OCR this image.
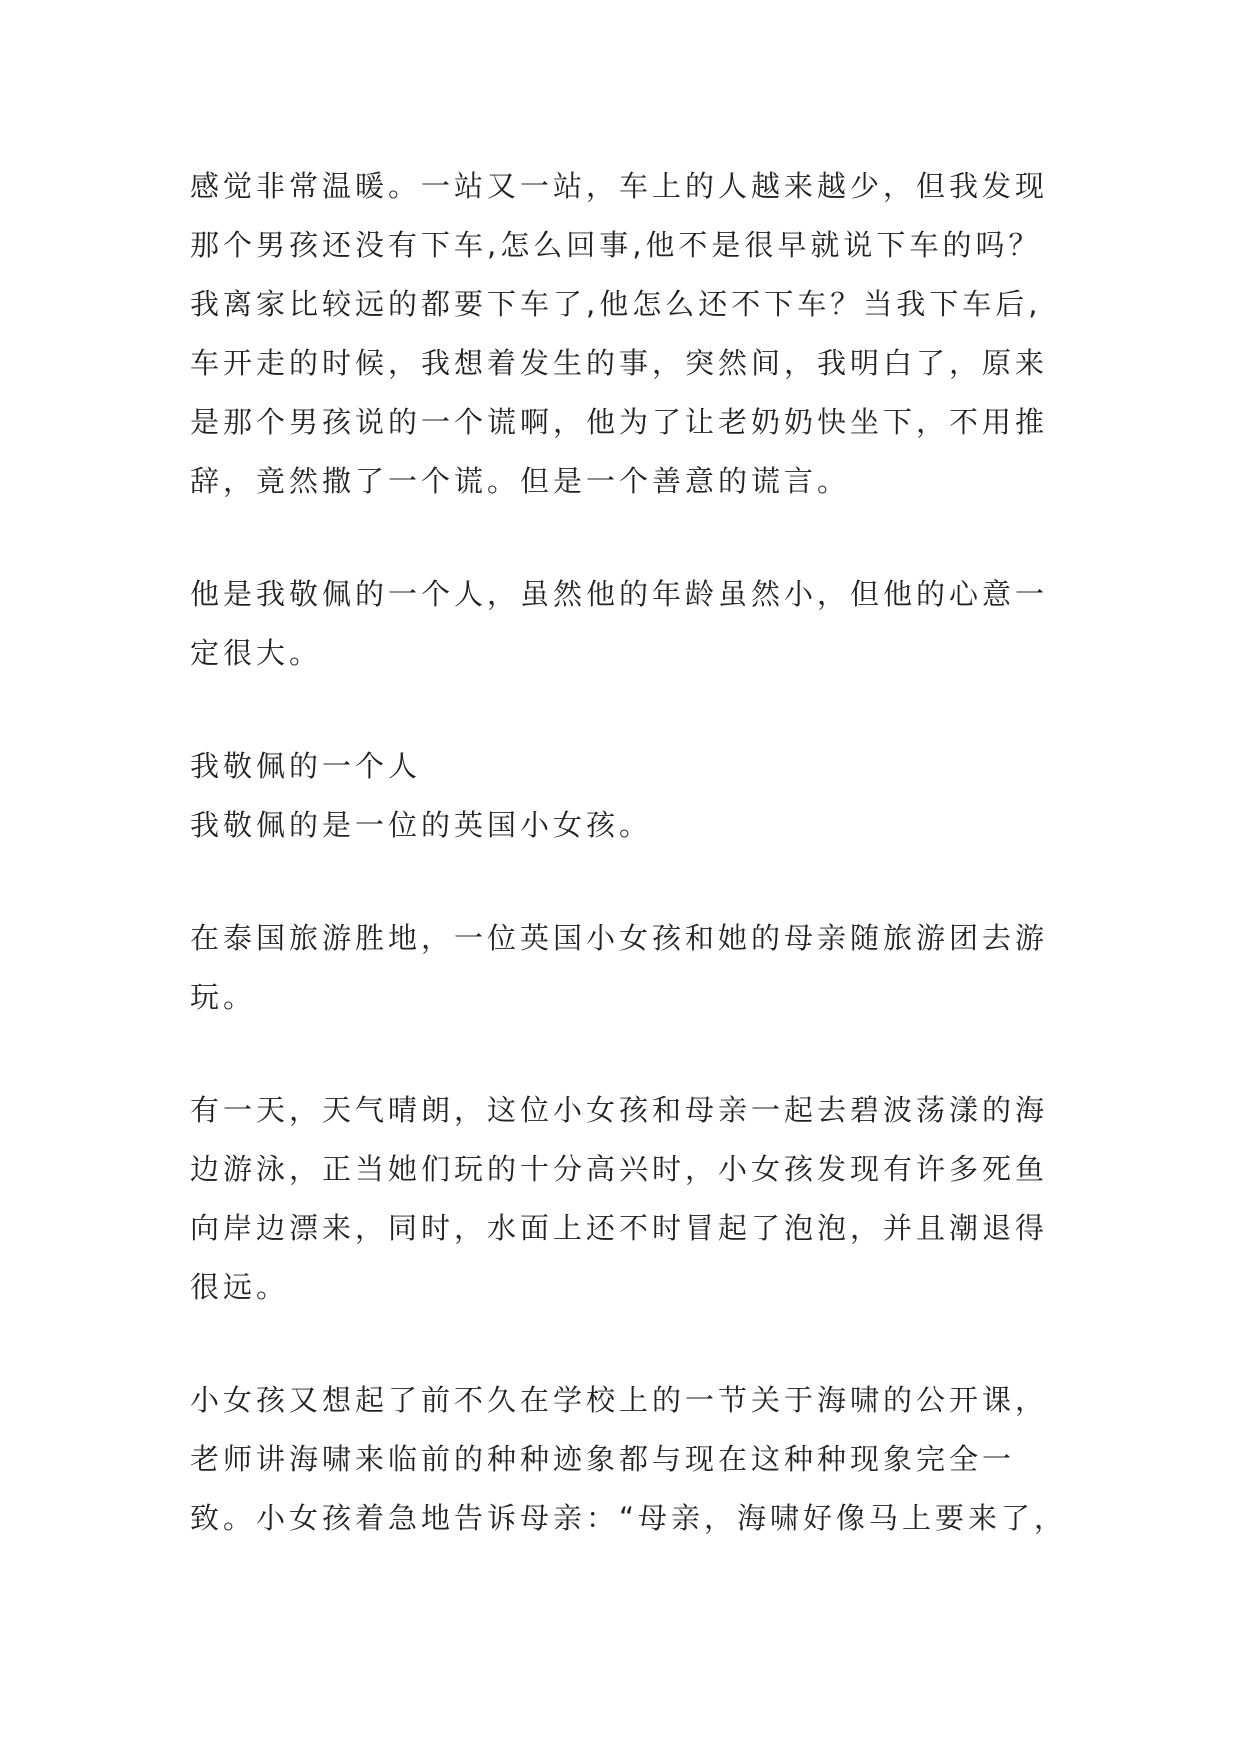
感觉非常温暖。一站又一站，车上的人越来越少，但我发现
那个男孩还没有下车,怎么回事,他不是很早就说下车的吗？
我离家比较远的都要下车了,他怎么还不下车？当我下车后,
车开走的时候，我想着发生的事，突然间，我明白了，原来
是那个男孩说的一个谎啊，他为了让老奶奶快坐下，不用推
辞，竟然撒了一个谎。但是一个善意的谎言。
他是我敬佩的一个人，虽然他的年龄虽然小，但他的心意一
定很大。
我敬佩的一个人
我敬佩的是一位的英国小女孩。
在泰国旅游胜地，一位英国小女孩和她的母亲随旅游团去游
玩。
有一天，天气晴朗，这位小女孩和母亲一起去碧波荡漾的海
边游泳，正当她们玩的十分高兴时，小女孩发现有许多死鱼
向岸边漂来，同时，水面上还不时冒起了泡泡，并且潮退得
很远。
小女孩又想起了前不久在学校上的一节关于海啸的公开课，
老师讲海啸来临前的种种迹象都与现在这种种现象完全一
致。小女孩着急地告诉母亲：“母亲，海啸好像马上要来了，
